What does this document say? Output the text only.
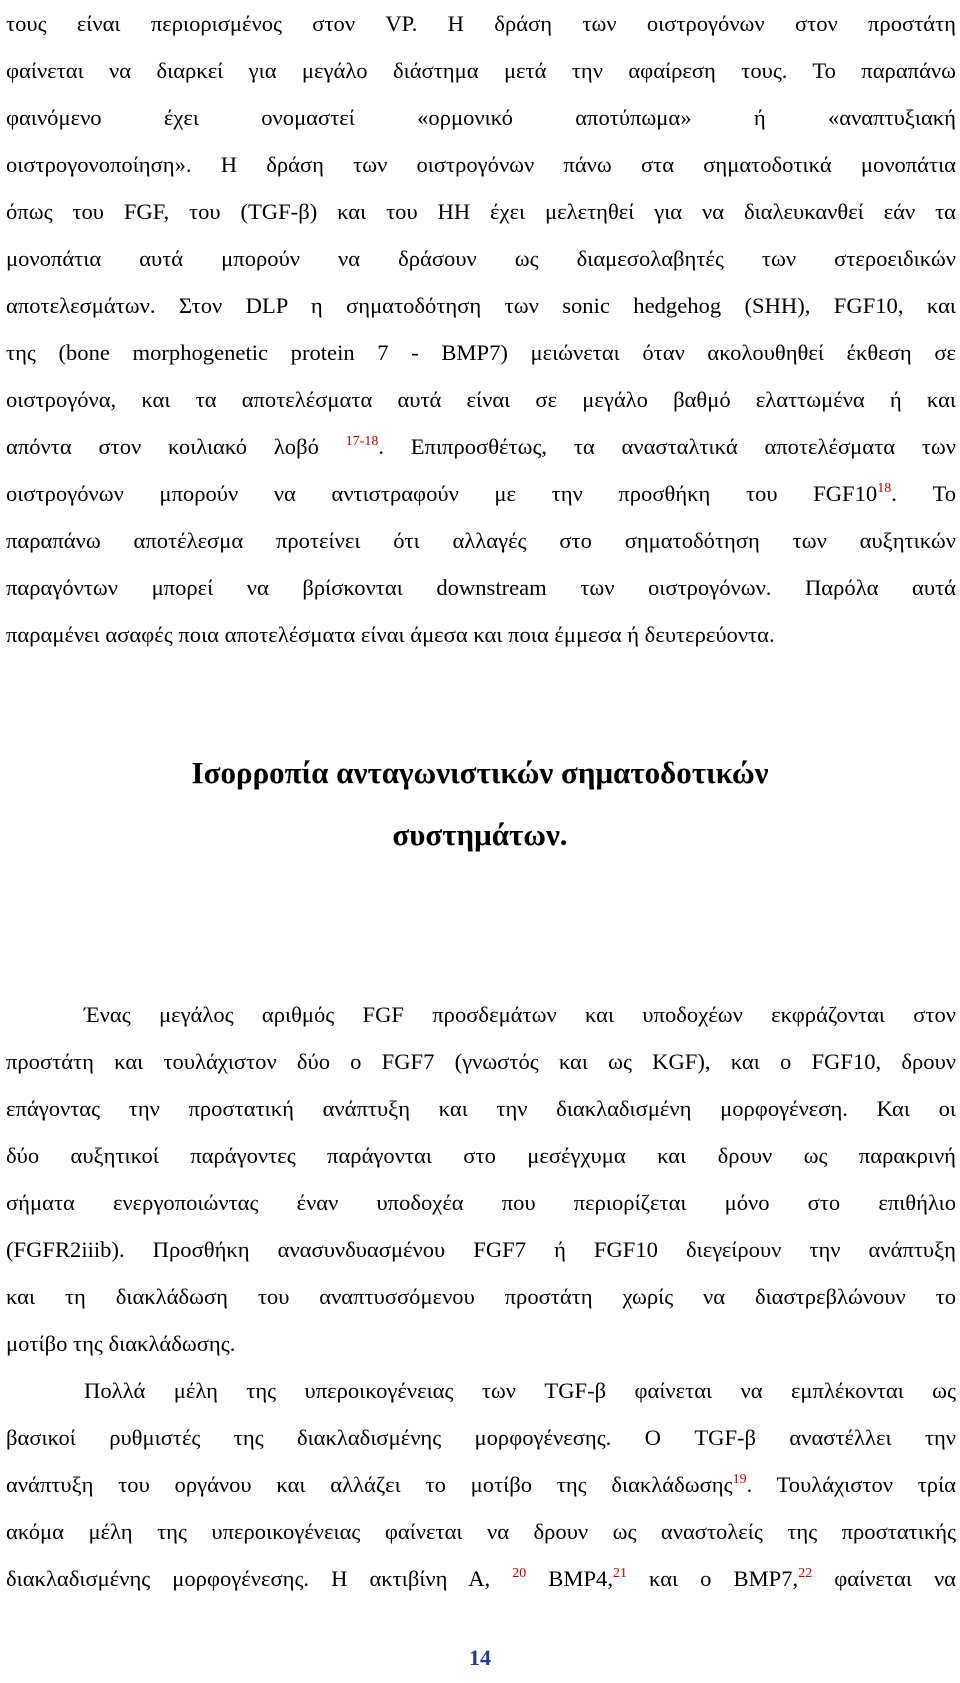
τους είναι περιορισμένος στον VP. Η δράση των οιστρογόνων στον προστάτη
φαίνεται να διαρκεί για μεγάλο διάστημα μετά την αφαίρεση τους. Το παραπάνω
φαινόμενο έχει ονομαστεί «ορμονικό αποτύπωμα» ή «αναπτυξιακή
οιστρογονοποίηση». Η δράση των οιστρογόνων πάνω στα σηματοδοτικά μονοπάτια
όπως του FGF, του (TGF-β) και του HH έχει μελετηθεί για να διαλευκανθεί εάν τα
μονοπάτια αυτά μπορούν να δράσουν ως διαμεσολαβητές των στεροειδικών
αποτελεσμάτων. Στον DLP η σηματοδότηση των sonic hedgehog (SHH), FGF10, και
της (bone morphogenetic protein 7 - BMP7) μειώνεται όταν ακολουθηθεί έκθεση σε
οιστρογόνα, και τα αποτελέσματα αυτά είναι σε μεγάλο βαθμό ελαττωμένα ή και
απόντα στον κοιλιακό λοβό $^{17-18}$. Επιπροσθέτως, τα ανασταλτικά αποτελέσματα των
οιστρογόνων μπορούν να αντιστραφούν με την προσθήκη του $FGF10^{18}$. Το
παραπάνω αποτέλεσμα προτείνει ότι αλλαγές στο σηματοδότηση των αυξητικών
παραγόντων μπορεί να βρίσκονται downstream των οιστρογόνων. Παρόλα αυτά
παραμένει ασαφές ποια αποτελέσματα είναι άμεσα και ποια έμμεσα ή δευτερεύοντα.
Ισορροπία ανταγωνιστικών σηματοδοτικών
συστημάτων.
Ένας μεγάλος αριθμός FGF προσδεμάτων και υποδοχέων εκφράζονται στον
προστάτη και τουλάχιστον δύο ο FGF7 (γνωστός και ως KGF), και ο FGF10, δρουν
επάγοντας την προστατική ανάπτυξη και την διακλαδισμένη μορφογένεση. Και οι
δύο αυξητικοί παράγοντες παράγονται στο μεσέγχυμα και δρουν ως παρακρινή
σήματα ενεργοποιώντας έναν υποδοχέα που περιορίζεται μόνο στο επιθήλιο
(FGFR2iiib). Προσθήκη ανασυνδυασμένου FGF7 ή FGF10 διεγείρουν την ανάπτυξη
και τη διακλάδωση του αναπτυσσόμενου προστάτη χωρίς να διαστρεβλώνουν το
μοτίβο της διακλάδωσης.
Πολλά μέλη της υπεροικογένειας των TGF-β φαίνεται να εμπλέκονται ως
βασικοί ρυθμιστές της διακλαδισμένης μορφογένεσης. Ο TGF-β αναστέλλει την
ανάπτυξη του οργάνου και αλλάζει το μοτίβο της διακλάδωσης$^{19}$. Τουλάχιστον τρία
ακόμα μέλη της υπεροικογένειας φαίνεται να δρουν ως αναστολείς της προστατικής
διακλαδισμένης μορφογένεσης. Η ακτιβίνη Α, $^{20}$ BMP4,21 και ο BMP7,22 φαίνεται να
14
